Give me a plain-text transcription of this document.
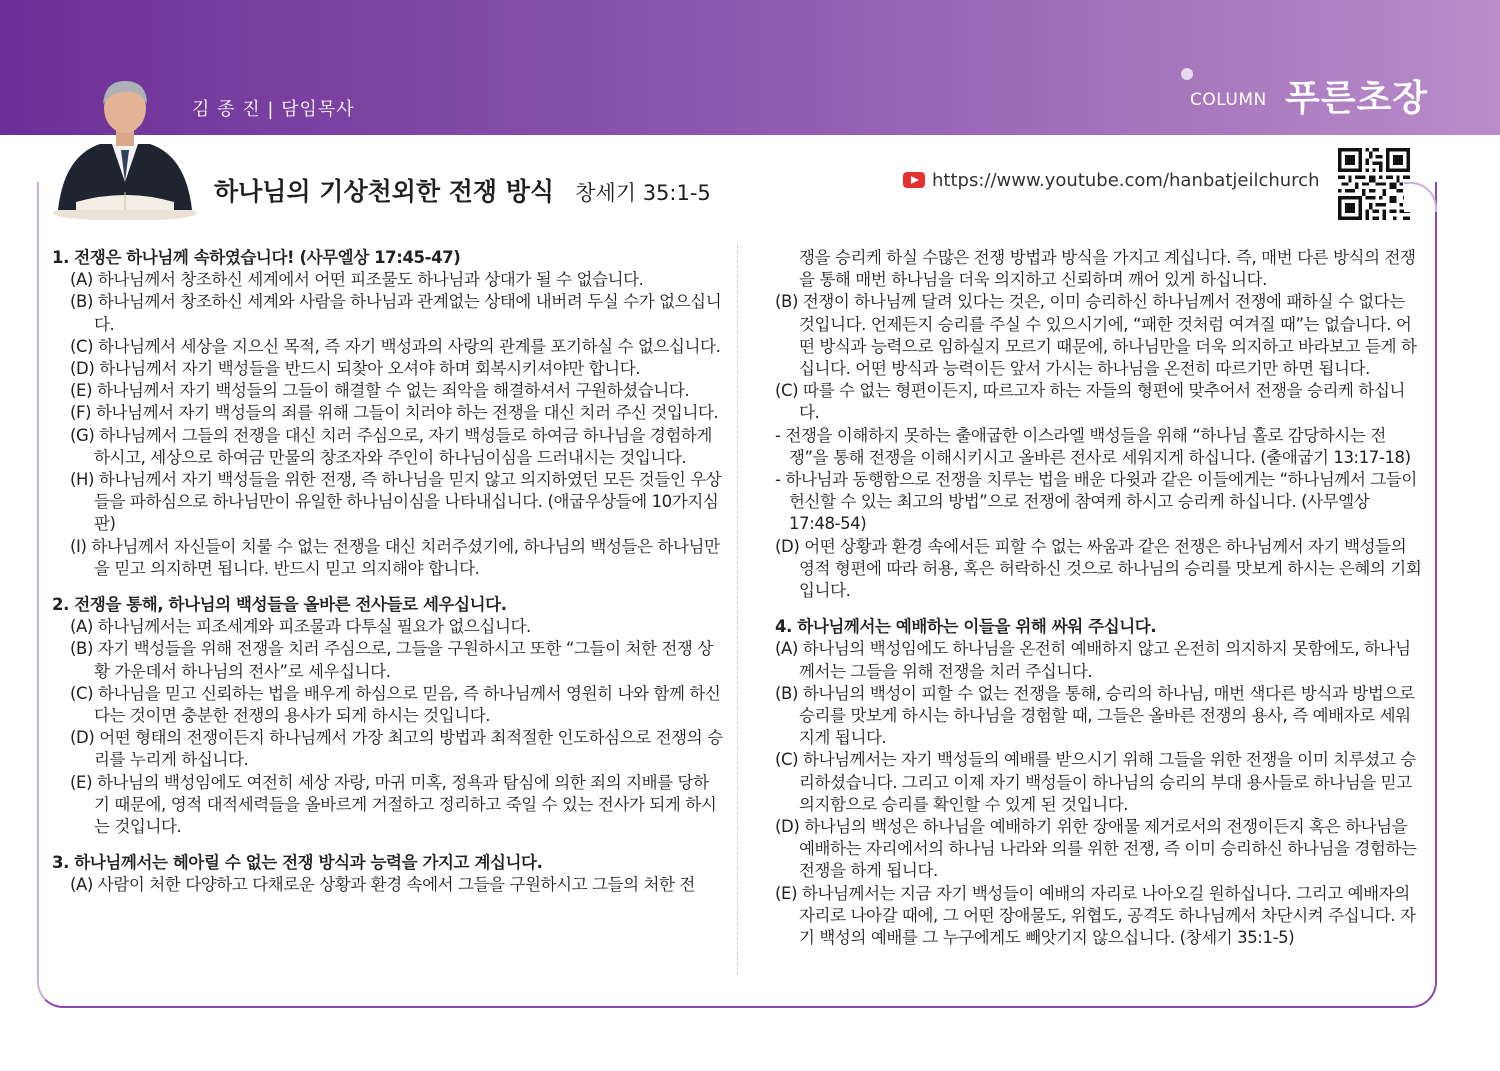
김 종 진 | 담임목사	COLUMN 푸른초장
하나님의 기상천외한 전쟁 방식 창세기 35:1-5
https://www.youtube.com/hanbatjeilchurch

1. 전쟁은 하나님께 속하였습니다! (사무엘상 17:45-47)

(A) 하나님께서 창조하신 세계에서 어떤 피조물도 하나님과 상대가 될 수 없습니다.

(B) 하나님께서 창조하신 세계와 사람을 하나님과 관계없는 상태에 내버려 두실 수가 없으십니다.

(C) 하나님께서 세상을 지으신 목적, 즉 자기 백성과의 사랑의 관계를 포기하실 수 없으십니다.

(D) 하나님께서 자기 백성들을 반드시 되찾아 오셔야 하며 회복시키셔야만 합니다.

(E) 하나님께서 자기 백성들의 그들이 해결할 수 없는 죄악을 해결하셔서 구원하셨습니다.

(F) 하나님께서 자기 백성들의 죄를 위해 그들이 치러야 하는 전쟁을 대신 치러 주신 것입니다.

(G) 하나님께서 그들의 전쟁을 대신 치러 주심으로, 자기 백성들로 하여금 하나님을 경험하게 하시고, 세상으로 하여금 만물의 창조자와 주인이 하나님이심을 드러내시는 것입니다.

(H) 하나님께서 자기 백성들을 위한 전쟁, 즉 하나님을 믿지 않고 의지하였던 모든 것들인 우상들을 파하심으로 하나님만이 유일한 하나님이심을 나타내십니다. (애굽우상들에 10가지심판)

(I) 하나님께서 자신들이 치룰 수 없는 전쟁을 대신 치러주셨기에, 하나님의 백성들은 하나님만을 믿고 의지하면 됩니다. 반드시 믿고 의지해야 합니다.

2. 전쟁을 통해, 하나님의 백성들을 올바른 전사들로 세우십니다.

(A) 하나님께서는 피조세계와 피조물과 다투실 필요가 없으십니다.

(B) 자기 백성들을 위해 전쟁을 치러 주심으로, 그들을 구원하시고 또한 “그들이 처한 전쟁 상황 가운데서 하나님의 전사”로 세우십니다.

(C) 하나님을 믿고 신뢰하는 법을 배우게 하심으로 믿음, 즉 하나님께서 영원히 나와 함께 하신다는 것이면 충분한 전쟁의 용사가 되게 하시는 것입니다.

(D) 어떤 형태의 전쟁이든지 하나님께서 가장 최고의 방법과 최적절한 인도하심으로 전쟁의 승리를 누리게 하십니다.

(E) 하나님의 백성임에도 여전히 세상 자랑, 마귀 미혹, 정욕과 탐심에 의한 죄의 지배를 당하기 때문에, 영적 대적세력들을 올바르게 거절하고 정리하고 죽일 수 있는 전사가 되게 하시는 것입니다.

3. 하나님께서는 헤아릴 수 없는 전쟁 방식과 능력을 가지고 계십니다.

(A) 사람이 처한 다양하고 다채로운 상황과 환경 속에서 그들을 구원하시고 그들의 처한 전

쟁을 승리케 하실 수많은 전쟁 방법과 방식을 가지고 계십니다. 즉, 매번 다른 방식의 전쟁을 통해 매번 하나님을 더욱 의지하고 신뢰하며 깨어 있게 하십니다.

(B) 전쟁이 하나님께 달려 있다는 것은, 이미 승리하신 하나님께서 전쟁에 패하실 수 없다는 것입니다. 언제든지 승리를 주실 수 있으시기에, “패한 것처럼 여겨질 때”는 없습니다. 어떤 방식과 능력으로 임하실지 모르기 때문에, 하나님만을 더욱 의지하고 바라보고 듣게 하십니다. 어떤 방식과 능력이든 앞서 가시는 하나님을 온전히 따르기만 하면 됩니다.

(C) 따를 수 없는 형편이든지, 따르고자 하는 자들의 형편에 맞추어서 전쟁을 승리케 하십니다.

- 전쟁을 이해하지 못하는 출애굽한 이스라엘 백성들을 위해 “하나님 홀로 감당하시는 전쟁”을 통해 전쟁을 이해시키시고 올바른 전사로 세워지게 하십니다. (출애굽기 13:17-18)

- 하나님과 동행함으로 전쟁을 치루는 법을 배운 다윗과 같은 이들에게는 “하나님께서 그들이 헌신할 수 있는 최고의 방법”으로 전쟁에 참여케 하시고 승리케 하십니다. (사무엘상 17:48-54)

(D) 어떤 상황과 환경 속에서든 피할 수 없는 싸움과 같은 전쟁은 하나님께서 자기 백성들의 영적 형편에 따라 허용, 혹은 허락하신 것으로 하나님의 승리를 맛보게 하시는 은혜의 기회입니다.

4. 하나님께서는 예배하는 이들을 위해 싸워 주십니다.

(A) 하나님의 백성임에도 하나님을 온전히 예배하지 않고 온전히 의지하지 못함에도, 하나님께서는 그들을 위해 전쟁을 치러 주십니다.

(B) 하나님의 백성이 피할 수 없는 전쟁을 통해, 승리의 하나님, 매번 색다른 방식과 방법으로 승리를 맛보게 하시는 하나님을 경험할 때, 그들은 올바른 전쟁의 용사, 즉 예배자로 세워지게 됩니다.

(C) 하나님께서는 자기 백성들의 예배를 받으시기 위해 그들을 위한 전쟁을 이미 치루셨고 승리하셨습니다. 그리고 이제 자기 백성들이 하나님의 승리의 부대 용사들로 하나님을 믿고 의지함으로 승리를 확인할 수 있게 된 것입니다.

(D) 하나님의 백성은 하나님을 예배하기 위한 장애물 제거로서의 전쟁이든지 혹은 하나님을 예배하는 자리에서의 하나님 나라와 의를 위한 전쟁, 즉 이미 승리하신 하나님을 경험하는 전쟁을 하게 됩니다.

(E) 하나님께서는 지금 자기 백성들이 예배의 자리로 나아오길 원하십니다. 그리고 예배자의 자리로 나아갈 때에, 그 어떤 장애물도, 위협도, 공격도 하나님께서 차단시켜 주십니다. 자기 백성의 예배를 그 누구에게도 빼앗기지 않으십니다. (창세기 35:1-5)
